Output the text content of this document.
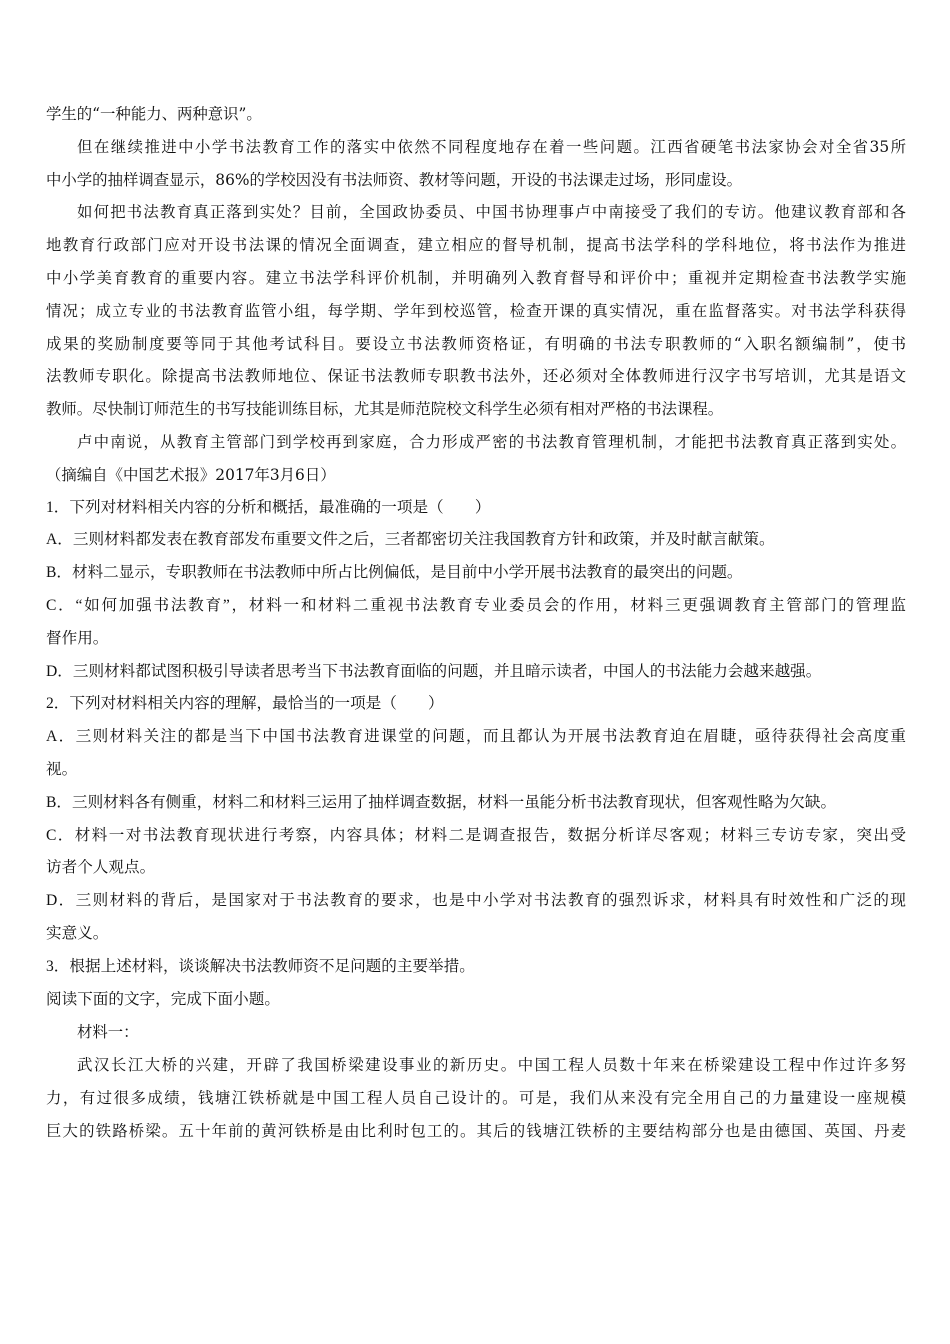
学生的“一种能力、两种意识”。
但在继续推进中小学书法教育工作的落实中依然不同程度地存在着一些问题。江西省硬笔书法家协会对全省35所
中小学的抽样调查显示，86%的学校因没有书法师资、教材等问题，开设的书法课走过场，形同虚设。
如何把书法教育真正落到实处？目前，全国政协委员、中国书协理事卢中南接受了我们的专访。他建议教育部和各
地教育行政部门应对开设书法课的情况全面调查，建立相应的督导机制，提高书法学科的学科地位，将书法作为推进
中小学美育教育的重要内容。建立书法学科评价机制，并明确列入教育督导和评价中；重视并定期检查书法教学实施
情况；成立专业的书法教育监管小组，每学期、学年到校巡管，检查开课的真实情况，重在监督落实。对书法学科获得
成果的奖励制度要等同于其他考试科目。要设立书法教师资格证，有明确的书法专职教师的“入职名额编制”，使书
法教师专职化。除提高书法教师地位、保证书法教师专职教书法外，还必须对全体教师进行汉字书写培训，尤其是语文
教师。尽快制订师范生的书写技能训练目标，尤其是师范院校文科学生必须有相对严格的书法课程。
卢中南说，从教育主管部门到学校再到家庭，合力形成严密的书法教育管理机制，才能把书法教育真正落到实处。
（摘编自《中国艺术报》2017年3月6日）
1．下列对材料相关内容的分析和概括，最准确的一项是（　　）
A．三则材料都发表在教育部发布重要文件之后，三者都密切关注我国教育方针和政策，并及时献言献策。
B．材料二显示，专职教师在书法教师中所占比例偏低，是目前中小学开展书法教育的最突出的问题。
C．“如何加强书法教育”，材料一和材料二重视书法教育专业委员会的作用，材料三更强调教育主管部门的管理监
督作用。
D．三则材料都试图积极引导读者思考当下书法教育面临的问题，并且暗示读者，中国人的书法能力会越来越强。
2．下列对材料相关内容的理解，最恰当的一项是（　　）
A．三则材料关注的都是当下中国书法教育进课堂的问题，而且都认为开展书法教育迫在眉睫，亟待获得社会高度重
视。
B．三则材料各有侧重，材料二和材料三运用了抽样调查数据，材料一虽能分析书法教育现状，但客观性略为欠缺。
C．材料一对书法教育现状进行考察，内容具体；材料二是调查报告，数据分析详尽客观；材料三专访专家，突出受
访者个人观点。
D．三则材料的背后，是国家对于书法教育的要求，也是中小学对书法教育的强烈诉求，材料具有时效性和广泛的现
实意义。
3．根据上述材料，谈谈解决书法教师资不足问题的主要举措。
阅读下面的文字，完成下面小题。
材料一：
武汉长江大桥的兴建，开辟了我国桥梁建设事业的新历史。中国工程人员数十年来在桥梁建设工程中作过许多努
力，有过很多成绩，钱塘江铁桥就是中国工程人员自己设计的。可是，我们从来没有完全用自己的力量建设一座规模
巨大的铁路桥梁。五十年前的黄河铁桥是由比利时包工的。其后的钱塘江铁桥的主要结构部分也是由德国、英国、丹麦
